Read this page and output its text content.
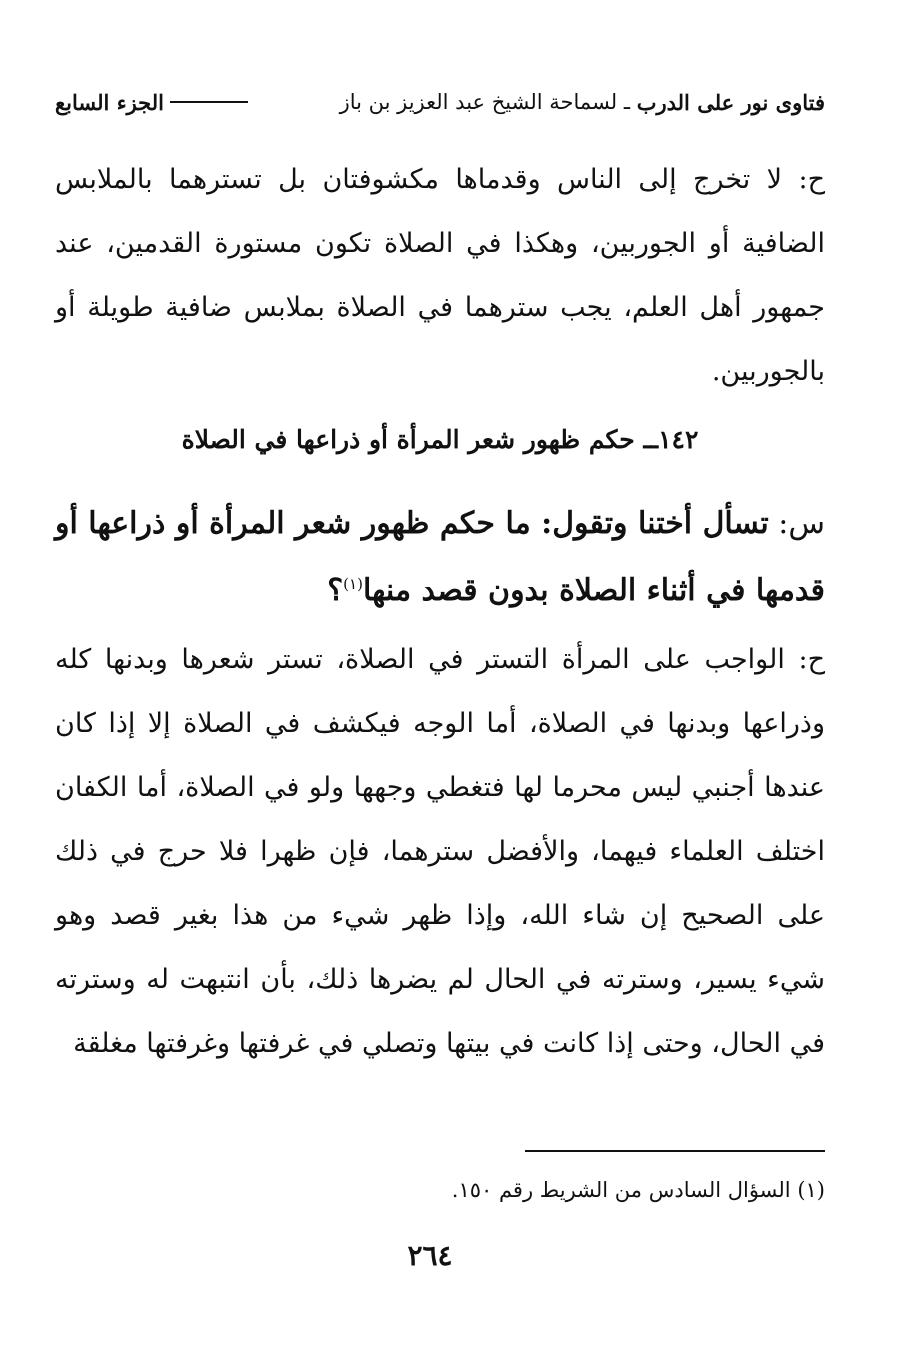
فتاوى نور على الدرب
ـ
لسماحة الشيخ عبد العزيز بن باز
الجزء السابع

ح: لا تخرج إلى الناس وقدماها مكشوفتان بل تسترهما بالملابس الضافية أو الجوربين، وهكذا في الصلاة تكون مستورة القدمين، عند جمهور أهل العلم، يجب سترهما في الصلاة بملابس ضافية طويلة أو بالجوربين.

١٤٢ــ حكم ظهور شعر المرأة أو ذراعها في الصلاة

س: تسأل أختنا وتقول: ما حكم ظهور شعر المرأة أو ذراعها أو قدمها في أثناء الصلاة بدون قصد منها$^{(١)}$؟

ح: الواجب على المرأة التستر في الصلاة، تستر شعرها وبدنها كله وذراعها وبدنها في الصلاة، أما الوجه فيكشف في الصلاة إلا إذا كان عندها أجنبي ليس محرما لها فتغطي وجهها ولو في الصلاة، أما الكفان اختلف العلماء فيهما، والأفضل سترهما، فإن ظهرا فلا حرج في ذلك على الصحيح إن شاء الله، وإذا ظهر شيء من هذا بغير قصد وهو شيء يسير، وسترته في الحال لم يضرها ذلك، بأن انتبهت له وسترته في الحال، وحتى إذا كانت في بيتها وتصلي في غرفتها وغرفتها مغلقة

(١) السؤال السادس من الشريط رقم ١٥٠.
٢٦٤
